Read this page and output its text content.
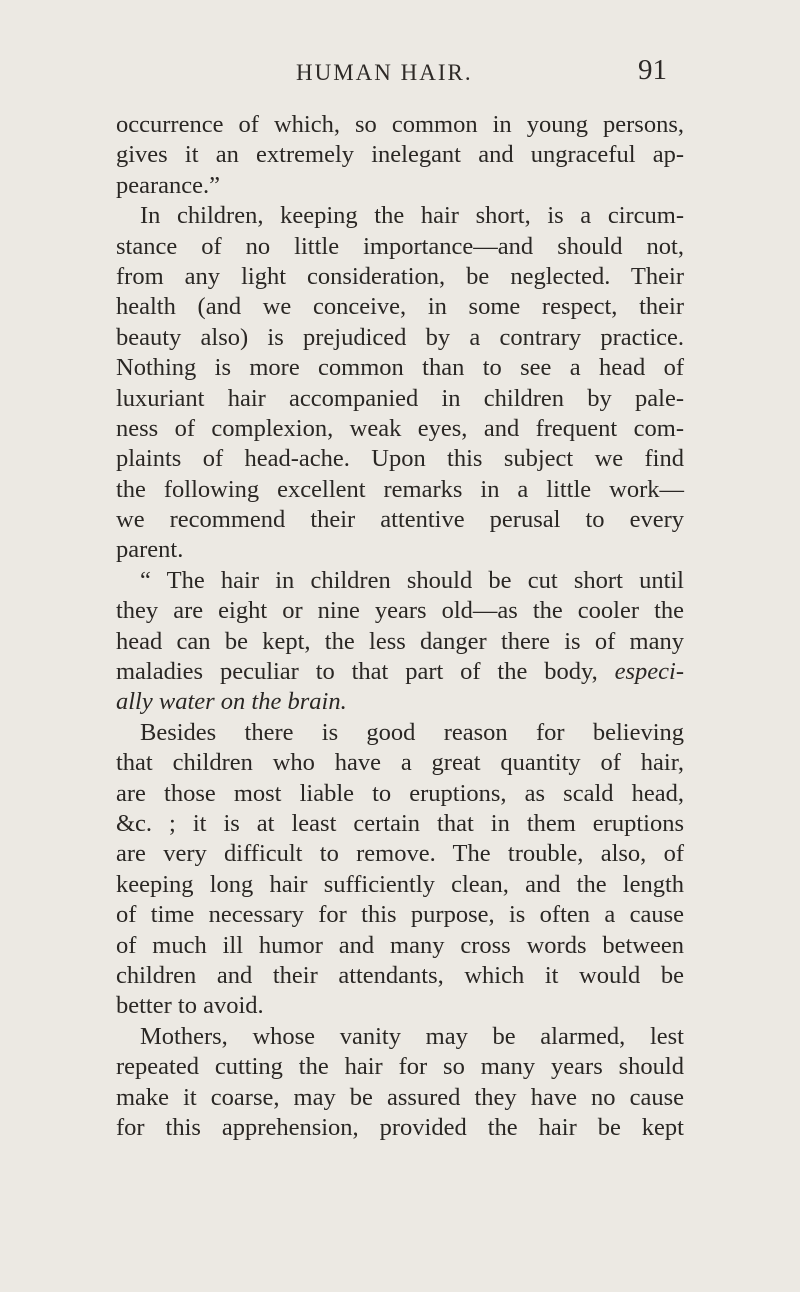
HUMAN HAIR.	91
occurrence of which, so common in young persons,
gives it an extremely inelegant and ungraceful ap-
pearance.”
In children, keeping the hair short, is a circum-
stance of no little importance—and should not,
from any light consideration, be neglected. Their
health (and we conceive, in some respect, their
beauty also) is prejudiced by a contrary practice.
Nothing is more common than to see a head of
luxuriant hair accompanied in children by pale-
ness of complexion, weak eyes, and frequent com-
plaints of head-ache. Upon this subject we find
the following excellent remarks in a little work—
we recommend their attentive perusal to every
parent.
“ The hair in children should be cut short until
they are eight or nine years old—as the cooler the
head can be kept, the less danger there is of many
maladies peculiar to that part of the body, especi-
ally water on the brain.
Besides there is good reason for believing
that children who have a great quantity of hair,
are those most liable to eruptions, as scald head,
&c. ; it is at least certain that in them eruptions
are very difficult to remove. The trouble, also, of
keeping long hair sufficiently clean, and the length
of time necessary for this purpose, is often a cause
of much ill humor and many cross words between
children and their attendants, which it would be
better to avoid.
Mothers, whose vanity may be alarmed, lest
repeated cutting the hair for so many years should
make it coarse, may be assured they have no cause
for this apprehension, provided the hair be kept
